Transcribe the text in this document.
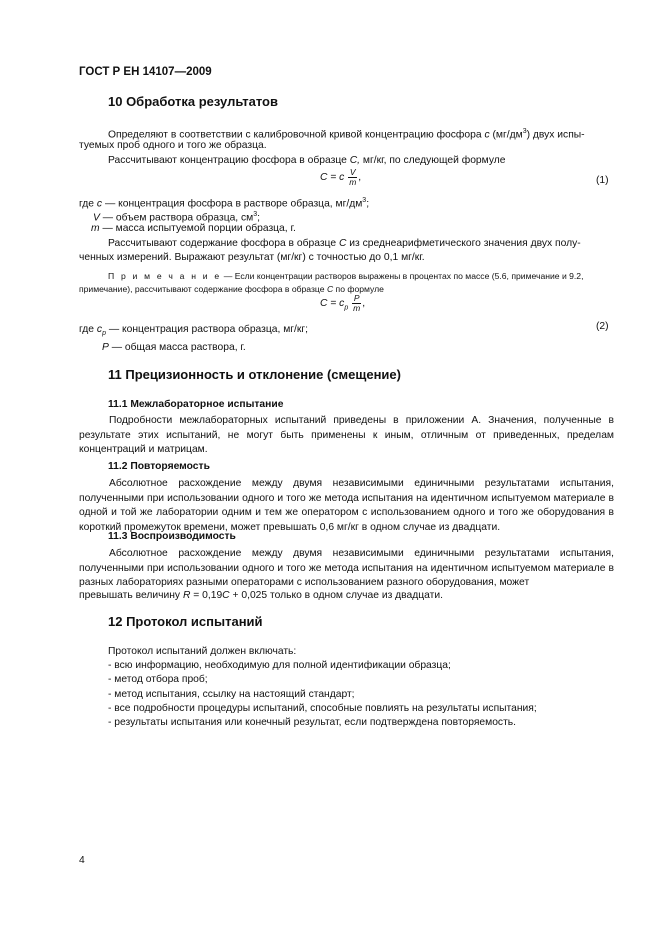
ГОСТ Р ЕН 14107—2009
10 Обработка результатов
Определяют в соответствии с калибровочной кривой концентрацию фосфора c $(мг/дм^3)$ двух испы-
туемых проб одного и того же образца.
Рассчитывают концентрацию фосфора в образце C, мг/кг, по следующей формуле
C = c $\frac{V}{m}$ ,	(1)
где c — концентрация фосфора в растворе образца, $мг/дм^3$;
V — объем раствора образца, $см^3$;
m — масса испытуемой порции образца, г.
Рассчитывают содержание фосфора в образце C из среднеарифметического значения двух полу-
ченных измерений. Выражают результат (мг/кг) с точностью до 0,1 мг/кг.
П р и м е ч а н и е — Если концентрации растворов выражены в процентах по массе (5.6, примечание и 9.2,
примечание), рассчитывают содержание фосфора в образце C по формуле
$C = c_p \frac{P}{m}$ ,
(2)
где $c_p$ — концентрация раствора образца, мг/кг;
P — общая масса раствора, г.
11 Прецизионность и отклонение (смещение)
11.1 Межлабораторное испытание
Подробности межлабораторных испытаний приведены в приложении А. Значения, полученные в результате этих испытаний, не могут быть применены к иным, отличным от приведенных, пределам концентраций и матрицам.
11.2 Повторяемость
Абсолютное расхождение между двумя независимыми единичными результатами испытания, полученными при использовании одного и того же метода испытания на идентичном испытуемом материале в одной и той же лаборатории одним и тем же оператором с использованием одного и того же оборудования в короткий промежуток времени, может превышать 0,6 мг/кг в одном случае из двадцати.
11.3 Воспроизводимость
Абсолютное расхождение между двумя независимыми единичными результатами испытания, полученными при использовании одного и того же метода испытания на идентичном испытуемом материале в разных лабораториях разными операторами с использованием разного оборудования, может
превышать величину R = 0,19C + 0,025 только в одном случае из двадцати.
12 Протокол испытаний
Протокол испытаний должен включать:
- всю информацию, необходимую для полной идентификации образца;
- метод отбора проб;
- метод испытания, ссылку на настоящий стандарт;
- все подробности процедуры испытаний, способные повлиять на результаты испытания;
- результаты испытания или конечный результат, если подтверждена повторяемость.
4
